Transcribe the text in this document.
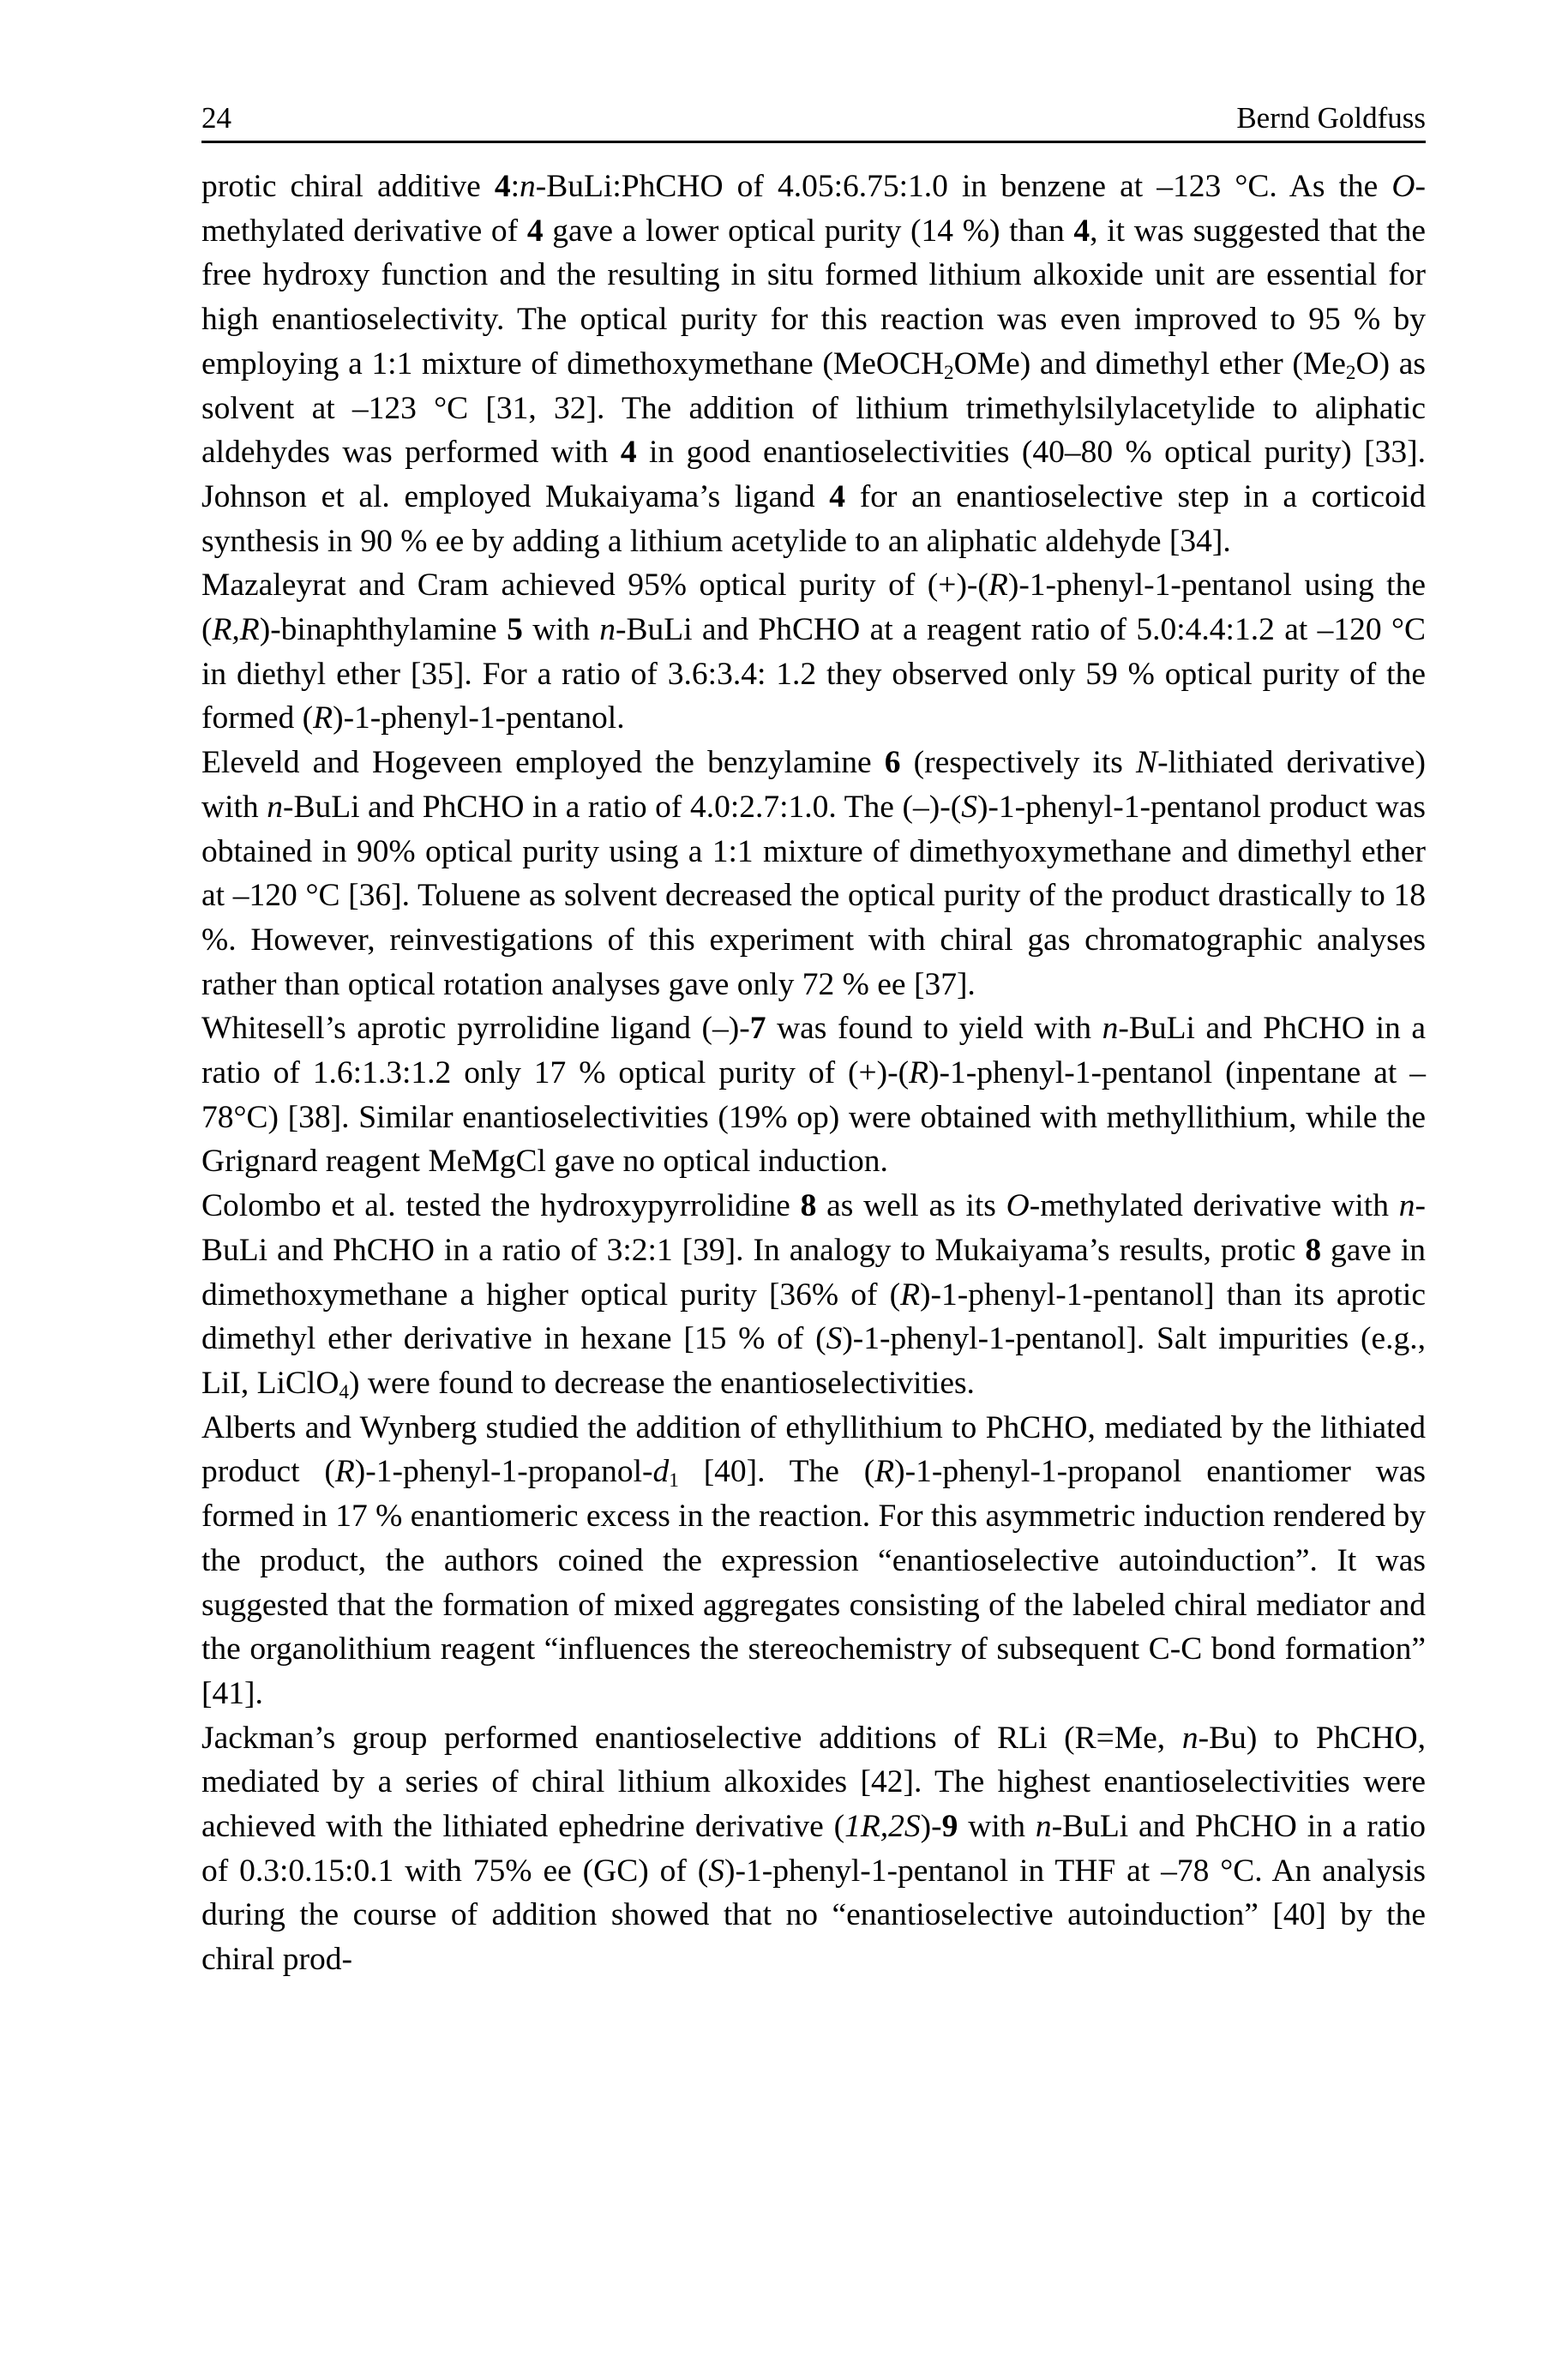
24	Bernd Goldfuss

protic chiral additive 4:n-BuLi:PhCHO of 4.05:6.75:1.0 in benzene at –123 °C. As the O-methylated derivative of 4 gave a lower optical purity (14 %) than 4, it was suggested that the free hydroxy function and the resulting in situ formed lithium alkoxide unit are essential for high enantioselectivity. The optical purity for this reaction was even improved to 95 % by employing a 1:1 mixture of dimethoxymethane (MeOCH$_2$OMe) and dimethyl ether $(Me_2O)$ as solvent at –123 °C [31, 32]. The addition of lithium trimethylsilylacetylide to aliphatic aldehydes was performed with 4 in good enantioselectivities (40–80 % optical purity) [33]. Johnson et al. employed Mukaiyama’s ligand 4 for an enantioselective step in a corticoid synthesis in 90 % ee by adding a lithium acetylide to an aliphatic aldehyde [34].

Mazaleyrat and Cram achieved 95% optical purity of (+)-(R)-1-phenyl-1-pentanol using the (R,R)-binaphthylamine 5 with n-BuLi and PhCHO at a reagent ratio of 5.0:4.4:1.2 at –120 °C in diethyl ether [35]. For a ratio of 3.6:3.4: 1.2 they observed only 59 % optical purity of the formed (R)-1-phenyl-1-pentanol.

Eleveld and Hogeveen employed the benzylamine 6 (respectively its N-lithiated derivative) with n-BuLi and PhCHO in a ratio of 4.0:2.7:1.0. The (–)-(S)-1-phenyl-1-pentanol product was obtained in 90% optical purity using a 1:1 mixture of dimethyoxymethane and dimethyl ether at –120 °C [36]. Toluene as solvent decreased the optical purity of the product drastically to 18 %. However, reinvestigations of this experiment with chiral gas chromatographic analyses rather than optical rotation analyses gave only 72 % ee [37].

Whitesell’s aprotic pyrrolidine ligand (–)-7 was found to yield with n-BuLi and PhCHO in a ratio of 1.6:1.3:1.2 only 17 % optical purity of (+)-(R)-1-phenyl-1-pentanol (inpentane at –78°C) [38]. Similar enantioselectivities (19% op) were obtained with methyllithium, while the Grignard reagent MeMgCl gave no optical induction.

Colombo et al. tested the hydroxypyrrolidine 8 as well as its O-methylated derivative with n-BuLi and PhCHO in a ratio of 3:2:1 [39]. In analogy to Mukaiyama’s results, protic 8 gave in dimethoxymethane a higher optical purity [36% of (R)-1-phenyl-1-pentanol] than its aprotic dimethyl ether derivative in hexane [15 % of (S)-1-phenyl-1-pentanol]. Salt impurities (e.g., LiI, LiClO$_4$) were found to decrease the enantioselectivities.

Alberts and Wynberg studied the addition of ethyllithium to PhCHO, mediated by the lithiated product $(R)-1-phenyl-1-propanol-d_1$ [40]. The (R)-1-phenyl-1-propanol enantiomer was formed in 17 % enantiomeric excess in the reaction. For this asymmetric induction rendered by the product, the authors coined the expression “enantioselective autoinduction”. It was suggested that the formation of mixed aggregates consisting of the labeled chiral mediator and the organolithium reagent “influences the stereochemistry of subsequent C-C bond formation” [41].

Jackman’s group performed enantioselective additions of RLi (R=Me, n-Bu) to PhCHO, mediated by a series of chiral lithium alkoxides [42]. The highest enantioselectivities were achieved with the lithiated ephedrine derivative (1R,2S)-9 with n-BuLi and PhCHO in a ratio of 0.3:0.15:0.1 with 75% ee (GC) of (S)-1-phenyl-1-pentanol in THF at –78 °C. An analysis during the course of addition showed that no “enantioselective autoinduction” [40] by the chiral prod-
